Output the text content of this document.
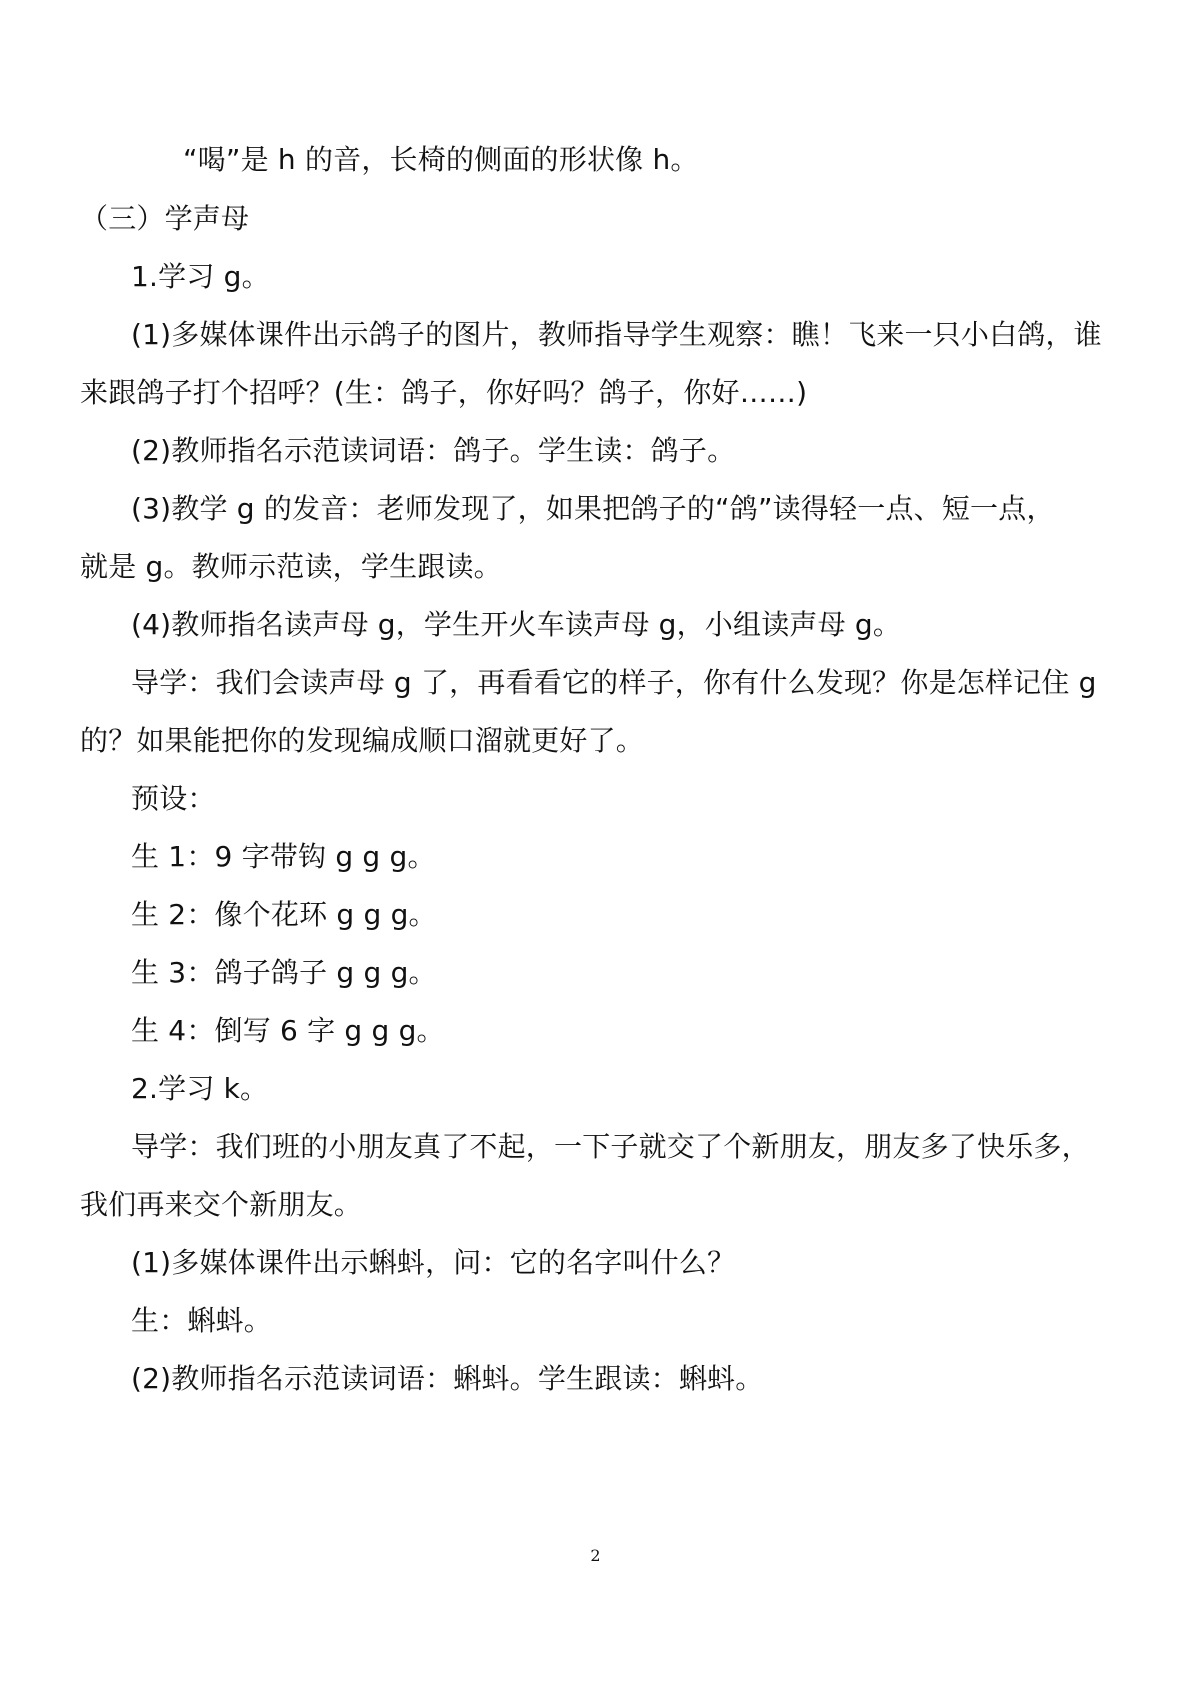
“喝”是 h 的音，长椅的侧面的形状像 h。
（三）学声母
1.学习 g。
(1)多媒体课件出示鸽子的图片，教师指导学生观察：瞧！飞来一只小白鸽，谁
来跟鸽子打个招呼？(生：鸽子，你好吗？鸽子，你好……)
(2)教师指名示范读词语：鸽子。学生读：鸽子。
(3)教学 g 的发音：老师发现了，如果把鸽子的“鸽”读得轻一点、短一点，
就是 g。教师示范读，学生跟读。
(4)教师指名读声母 g，学生开火车读声母 g，小组读声母 g。
导学：我们会读声母 g 了，再看看它的样子，你有什么发现？你是怎样记住 g
的？如果能把你的发现编成顺口溜就更好了。
预设：
生 1：9 字带钩 g g g。
生 2：像个花环 g g g。
生 3：鸽子鸽子 g g g。
生 4：倒写 6 字 g g g。
2.学习 k。
导学：我们班的小朋友真了不起，一下子就交了个新朋友，朋友多了快乐多，
我们再来交个新朋友。
(1)多媒体课件出示蝌蚪，问：它的名字叫什么？
生：蝌蚪。
(2)教师指名示范读词语：蝌蚪。学生跟读：蝌蚪。
2
